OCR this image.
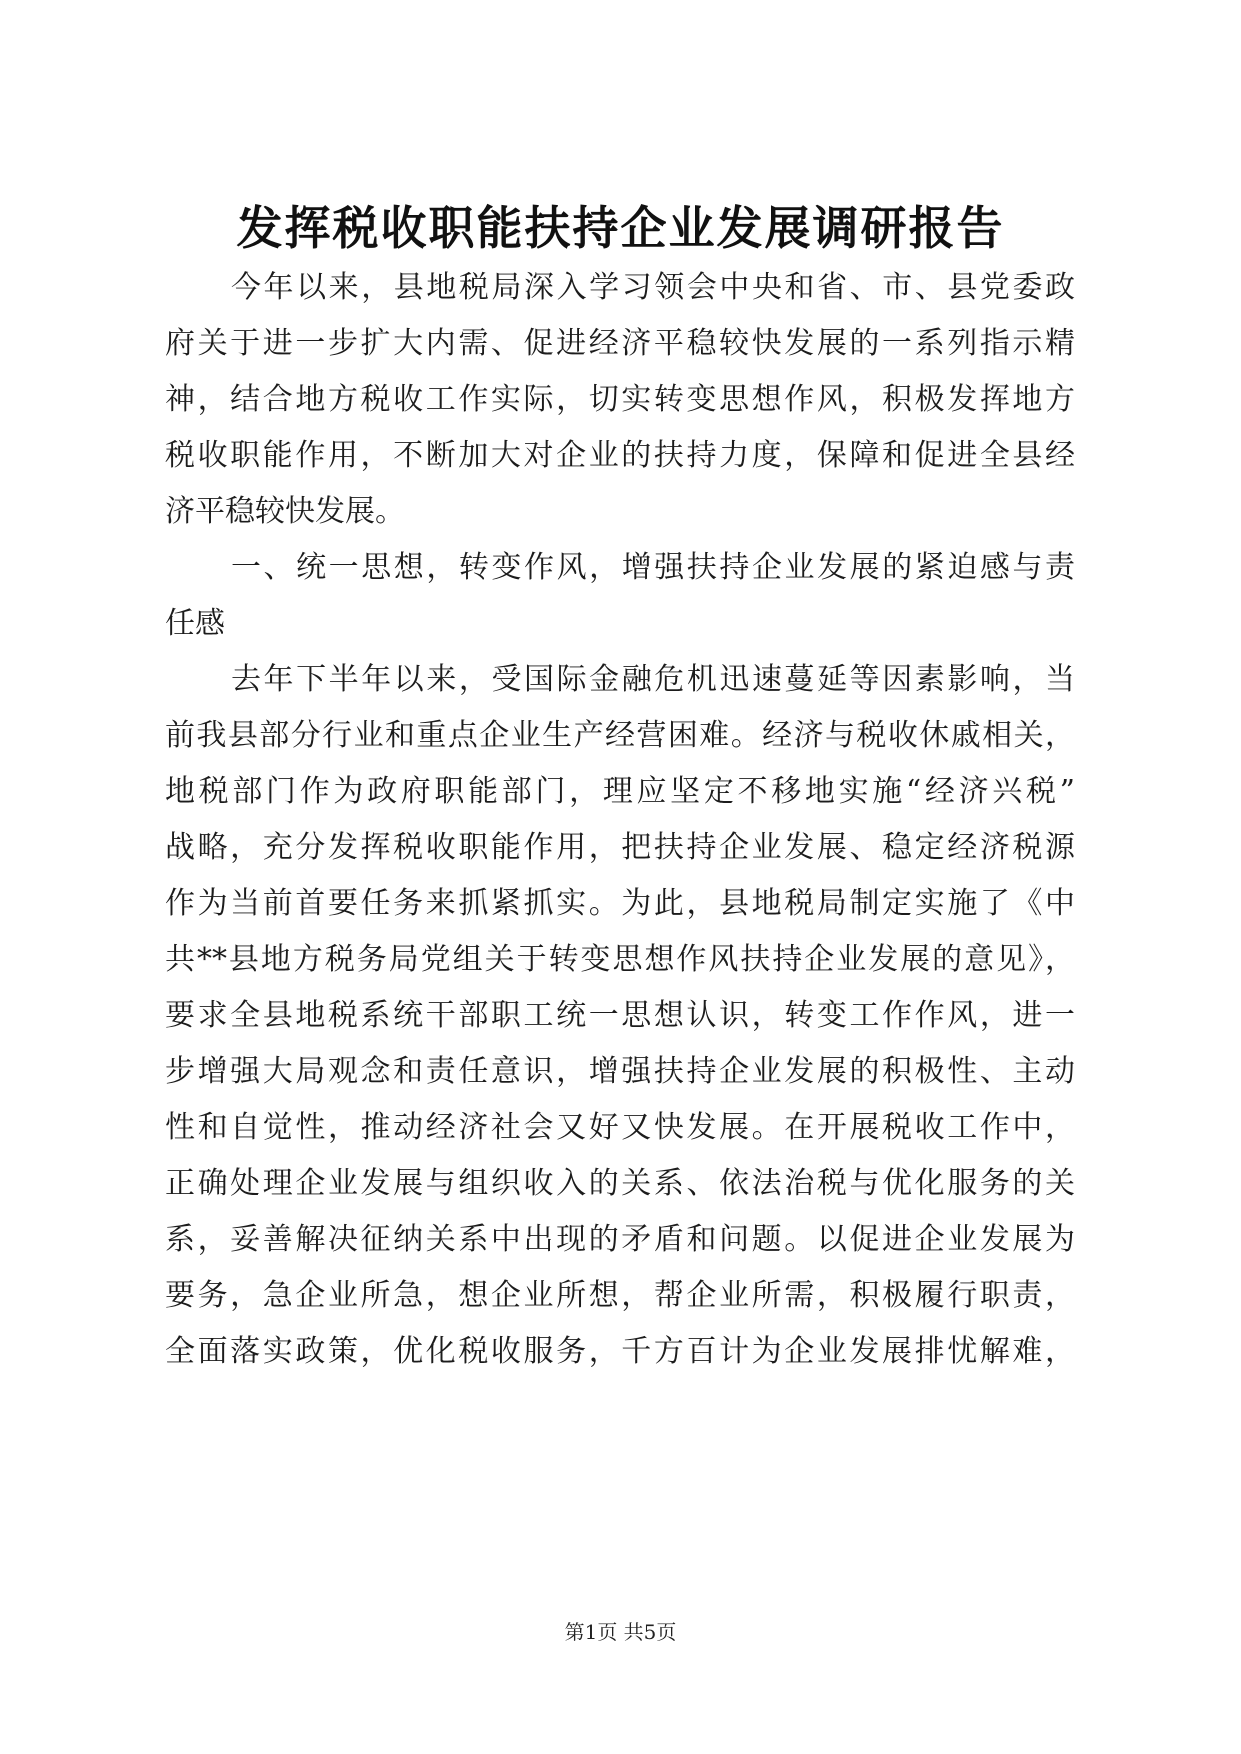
发挥税收职能扶持企业发展调研报告
今年以来，县地税局深入学习领会中央和省、市、县党委政
府关于进一步扩大内需、促进经济平稳较快发展的一系列指示精
神，结合地方税收工作实际，切实转变思想作风，积极发挥地方
税收职能作用，不断加大对企业的扶持力度，保障和促进全县经
济平稳较快发展。
一、统一思想，转变作风，增强扶持企业发展的紧迫感与责
任感
去年下半年以来，受国际金融危机迅速蔓延等因素影响，当
前我县部分行业和重点企业生产经营困难。经济与税收休戚相关，
地税部门作为政府职能部门，理应坚定不移地实施“经济兴税”
战略，充分发挥税收职能作用，把扶持企业发展、稳定经济税源
作为当前首要任务来抓紧抓实。为此，县地税局制定实施了《中
共**县地方税务局党组关于转变思想作风扶持企业发展的意见》，
要求全县地税系统干部职工统一思想认识，转变工作作风，进一
步增强大局观念和责任意识，增强扶持企业发展的积极性、主动
性和自觉性，推动经济社会又好又快发展。在开展税收工作中，
正确处理企业发展与组织收入的关系、依法治税与优化服务的关
系，妥善解决征纳关系中出现的矛盾和问题。以促进企业发展为
要务，急企业所急，想企业所想，帮企业所需，积极履行职责，
全面落实政策，优化税收服务，千方百计为企业发展排忧解难，
第1页 共5页
